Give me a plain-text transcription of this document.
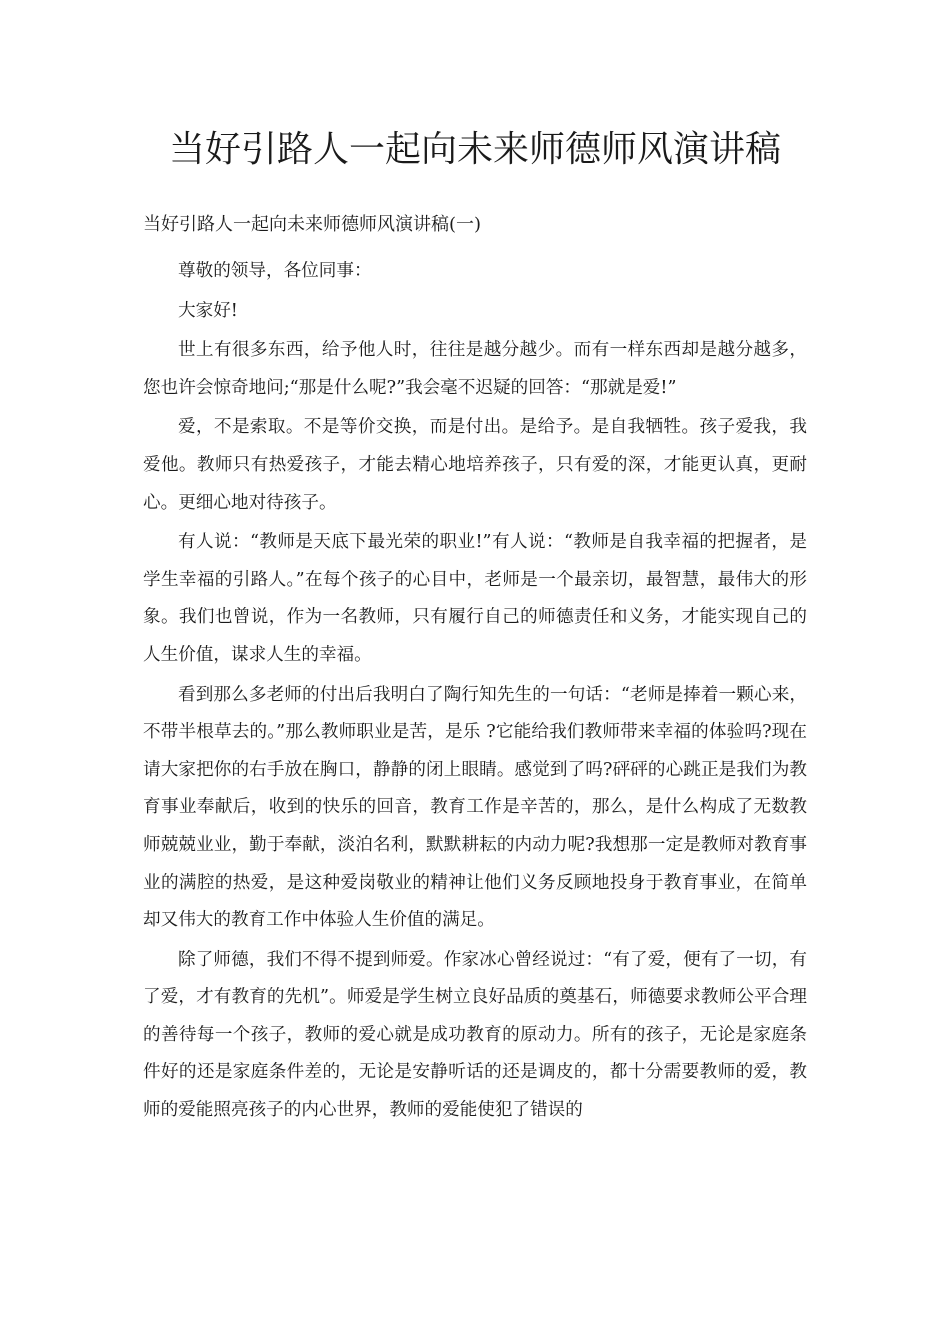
当好引路人一起向未来师德师风演讲稿

当好引路人一起向未来师德师风演讲稿(一)

尊敬的领导，各位同事：

大家好!

世上有很多东西，给予他人时，往往是越分越少。而有一样东西却是越分越多，您也许会惊奇地问;“那是什么呢?”我会毫不迟疑的回答：“那就是爱!”

爱，不是索取。不是等价交换，而是付出。是给予。是自我牺牲。孩子爱我，我爱他。教师只有热爱孩子，才能去精心地培养孩子，只有爱的深，才能更认真，更耐心。更细心地对待孩子。

有人说：“教师是天底下最光荣的职业!”有人说：“教师是自我幸福的把握者，是学生幸福的引路人。”在每个孩子的心目中，老师是一个最亲切，最智慧，最伟大的形象。我们也曾说，作为一名教师，只有履行自己的师德责任和义务，才能实现自己的人生价值，谋求人生的幸福。

看到那么多老师的付出后我明白了陶行知先生的一句话：“老师是捧着一颗心来，不带半根草去的。”那么教师职业是苦，是乐 ?它能给我们教师带来幸福的体验吗?现在请大家把你的右手放在胸口，静静的闭上眼睛。感觉到了吗?砰砰的心跳正是我们为教育事业奉献后，收到的快乐的回音，教育工作是辛苦的，那么，是什么构成了无数教师兢兢业业，勤于奉献，淡泊名利，默默耕耘的内动力呢?我想那一定是教师对教育事业的满腔的热爱，是这种爱岗敬业的精神让他们义务反顾地投身于教育事业，在简单却又伟大的教育工作中体验人生价值的满足。

除了师德，我们不得不提到师爱。作家冰心曾经说过：“有了爱，便有了一切，有了爱，才有教育的先机”。师爱是学生树立良好品质的奠基石，师德要求教师公平合理的善待每一个孩子，教师的爱心就是成功教育的原动力。所有的孩子，无论是家庭条件好的还是家庭条件差的，无论是安静听话的还是调皮的，都十分需要教师的爱，教师的爱能照亮孩子的内心世界，教师的爱能使犯了错误的
